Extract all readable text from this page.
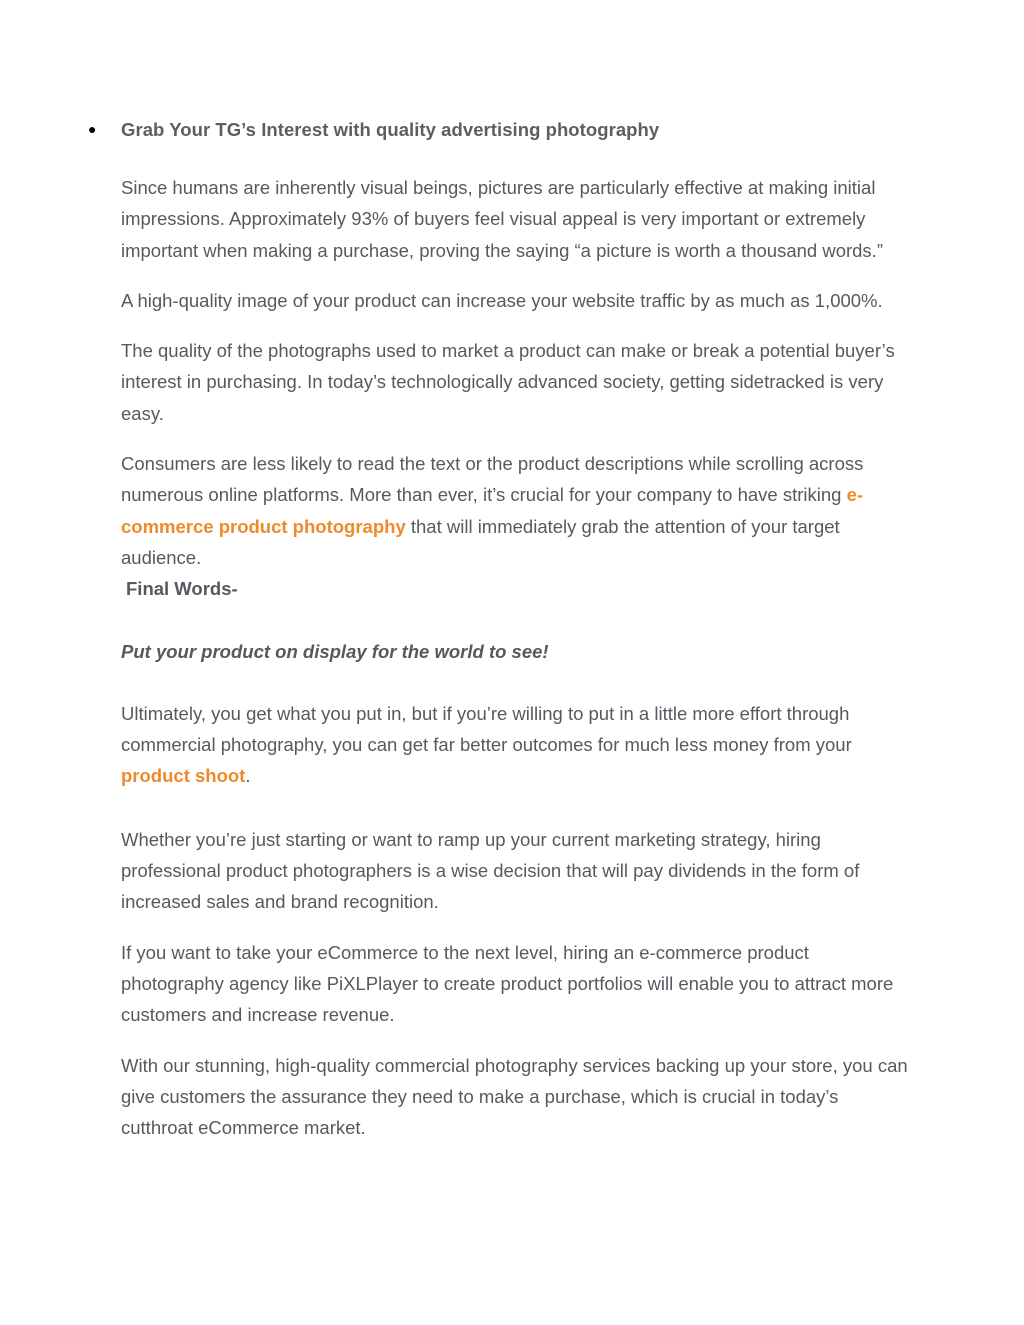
●	Grab Your TG’s Interest with quality advertising photography

Since humans are inherently visual beings, pictures are particularly effective at making initial impressions. Approximately 93% of buyers feel visual appeal is very important or extremely important when making a purchase, proving the saying “a picture is worth a thousand words.”

A high-quality image of your product can increase your website traffic by as much as 1,000%.

The quality of the photographs used to market a product can make or break a potential buyer’s interest in purchasing. In today’s technologically advanced society, getting sidetracked is very easy.

Consumers are less likely to read the text or the product descriptions while scrolling across numerous online platforms. More than ever, it’s crucial for your company to have striking e-commerce product photography that will immediately grab the attention of your target audience.

Final Words-

Put your product on display for the world to see!

Ultimately, you get what you put in, but if you’re willing to put in a little more effort through commercial photography, you can get far better outcomes for much less money from your product shoot.

Whether you’re just starting or want to ramp up your current marketing strategy, hiring professional product photographers is a wise decision that will pay dividends in the form of increased sales and brand recognition.

If you want to take your eCommerce to the next level, hiring an e-commerce product photography agency like PiXLPlayer to create product portfolios will enable you to attract more customers and increase revenue.

With our stunning, high-quality commercial photography services backing up your store, you can give customers the assurance they need to make a purchase, which is crucial in today’s cutthroat eCommerce market.
